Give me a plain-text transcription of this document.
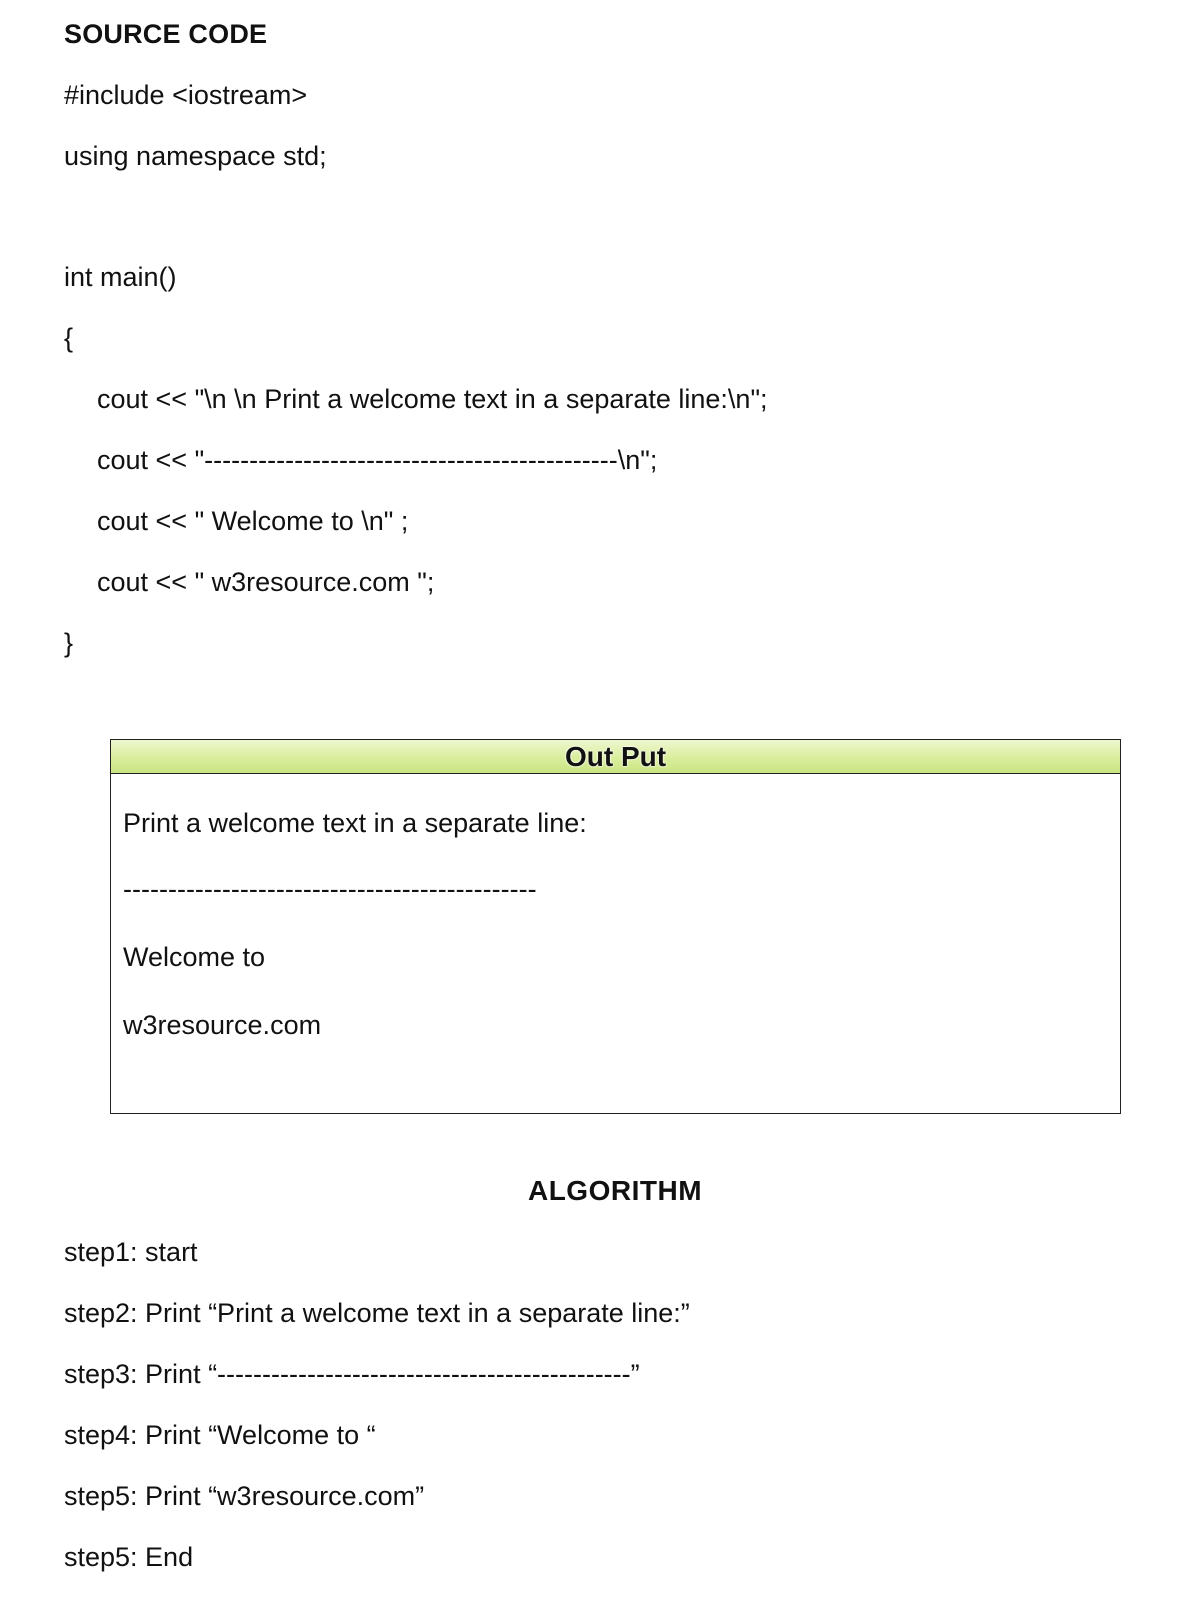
SOURCE CODE
#include <iostream>
using namespace std;
int main()
{
cout << "\n \n Print a welcome text in a separate line:\n";
cout << "----------------------------------------------\n";
cout << " Welcome to \n" ;
cout << " w3resource.com ";
}
Out Put
Print a welcome text in a separate line:
----------------------------------------------
Welcome to
w3resource.com
ALGORITHM
step1: start
step2: Print “Print a welcome text in a separate line:”
step3: Print “----------------------------------------------”
step4: Print “Welcome to “
step5: Print “w3resource.com”
step5: End
